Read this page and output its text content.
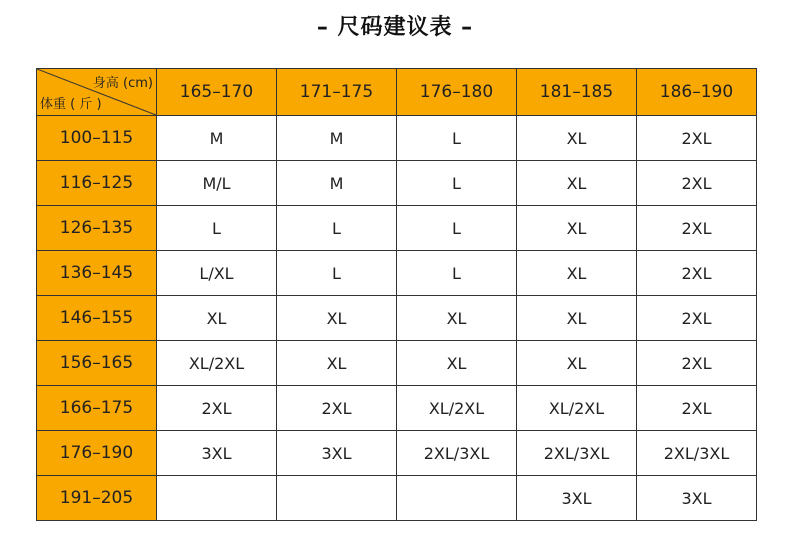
– 尺码建议表 –
身高 (cm)
体重 ( 斤 )	165–170	171–175	176–180	181–185	186–190
100–115	M	M	L	XL	2XL
116–125	M/L	M	L	XL	2XL
126–135	L	L	L	XL	2XL
136–145	L/XL	L	L	XL	2XL
146–155	XL	XL	XL	XL	2XL
156–165	XL/2XL	XL	XL	XL	2XL
166–175	2XL	2XL	XL/2XL	XL/2XL	2XL
176–190	3XL	3XL	2XL/3XL	2XL/3XL	2XL/3XL
191–205				3XL	3XL
